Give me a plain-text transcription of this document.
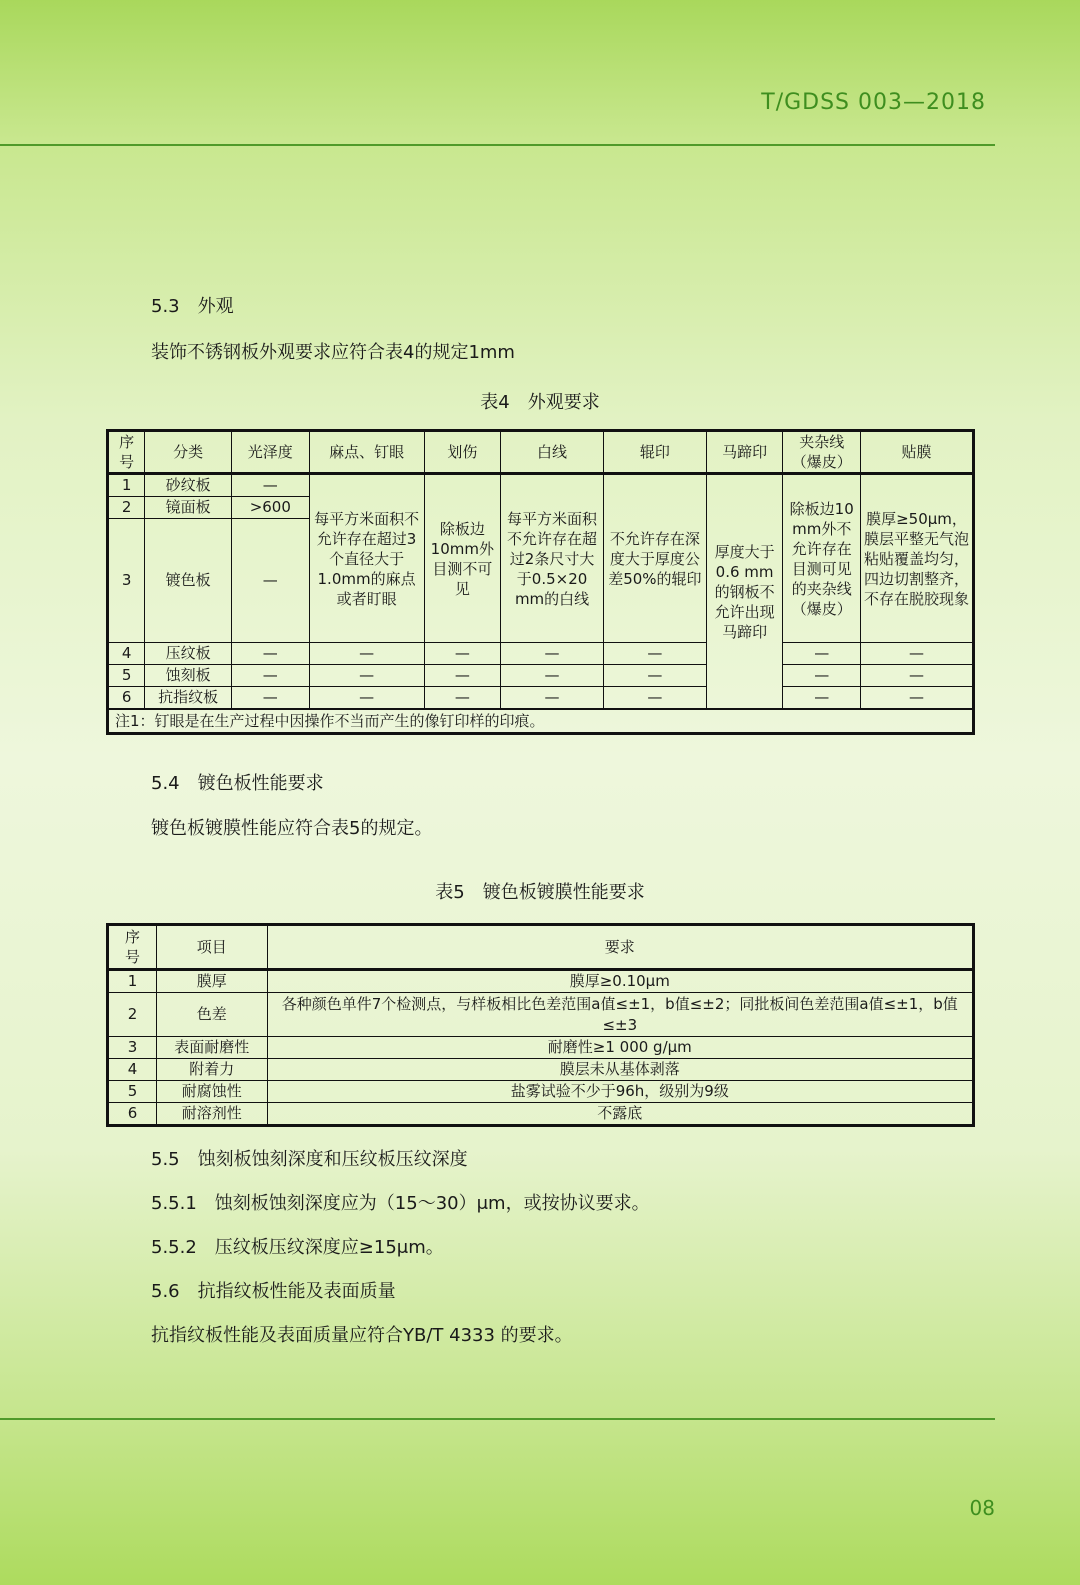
T/GDSS 003—2018
5.3　外观
装饰不锈钢板外观要求应符合表4的规定1mm
表4　外观要求
序号	分类	光泽度	麻点、钉眼	划伤	白线	辊印	马蹄印	夹杂线（爆皮）	贴膜
1	砂纹板	—	每平方米面积不允许存在超过3个直径大于1.0mm的麻点或者盯眼	除板边10mm外目测不可见	每平方米面积不允许存在超过2条尺寸大于0.5×20 mm的白线	不允许存在深度大于厚度公差50%的辊印	厚度大于0.6 mm的钢板不允许出现马蹄印	除板边10 mm外不允许存在目测可见的夹杂线（爆皮）	膜厚≥50μm，膜层平整无气泡粘贴覆盖均匀，四边切割整齐，不存在脱胶现象
2	镜面板	>600							
3	镀色板	—							
4	压纹板	—	—	—	—	—		—	—
5	蚀刻板	—	—	—	—	—		—	—
6	抗指纹板	—	—	—	—	—		—	—
注1：钉眼是在生产过程中因操作不当而产生的像钉印样的印痕。									
5.4　镀色板性能要求
镀色板镀膜性能应符合表5的规定。
表5　镀色板镀膜性能要求
序号	项目	要求
1	膜厚	膜厚≥0.10μm
2	色差	各种颜色单件7个检测点，与样板相比色差范围a值≤±1，b值≤±2；同批板间色差范围a值≤±1，b值≤±3
3	表面耐磨性	耐磨性≥1 000 g/μm
4	附着力	膜层未从基体剥落
5	耐腐蚀性	盐雾试验不少于96h，级别为9级
6	耐溶剂性	不露底
5.5　蚀刻板蚀刻深度和压纹板压纹深度
5.5.1　蚀刻板蚀刻深度应为（15～30）μm，或按协议要求。
5.5.2　压纹板压纹深度应≥15μm。
5.6　抗指纹板性能及表面质量
抗指纹板性能及表面质量应符合YB/T 4333 的要求。
08
